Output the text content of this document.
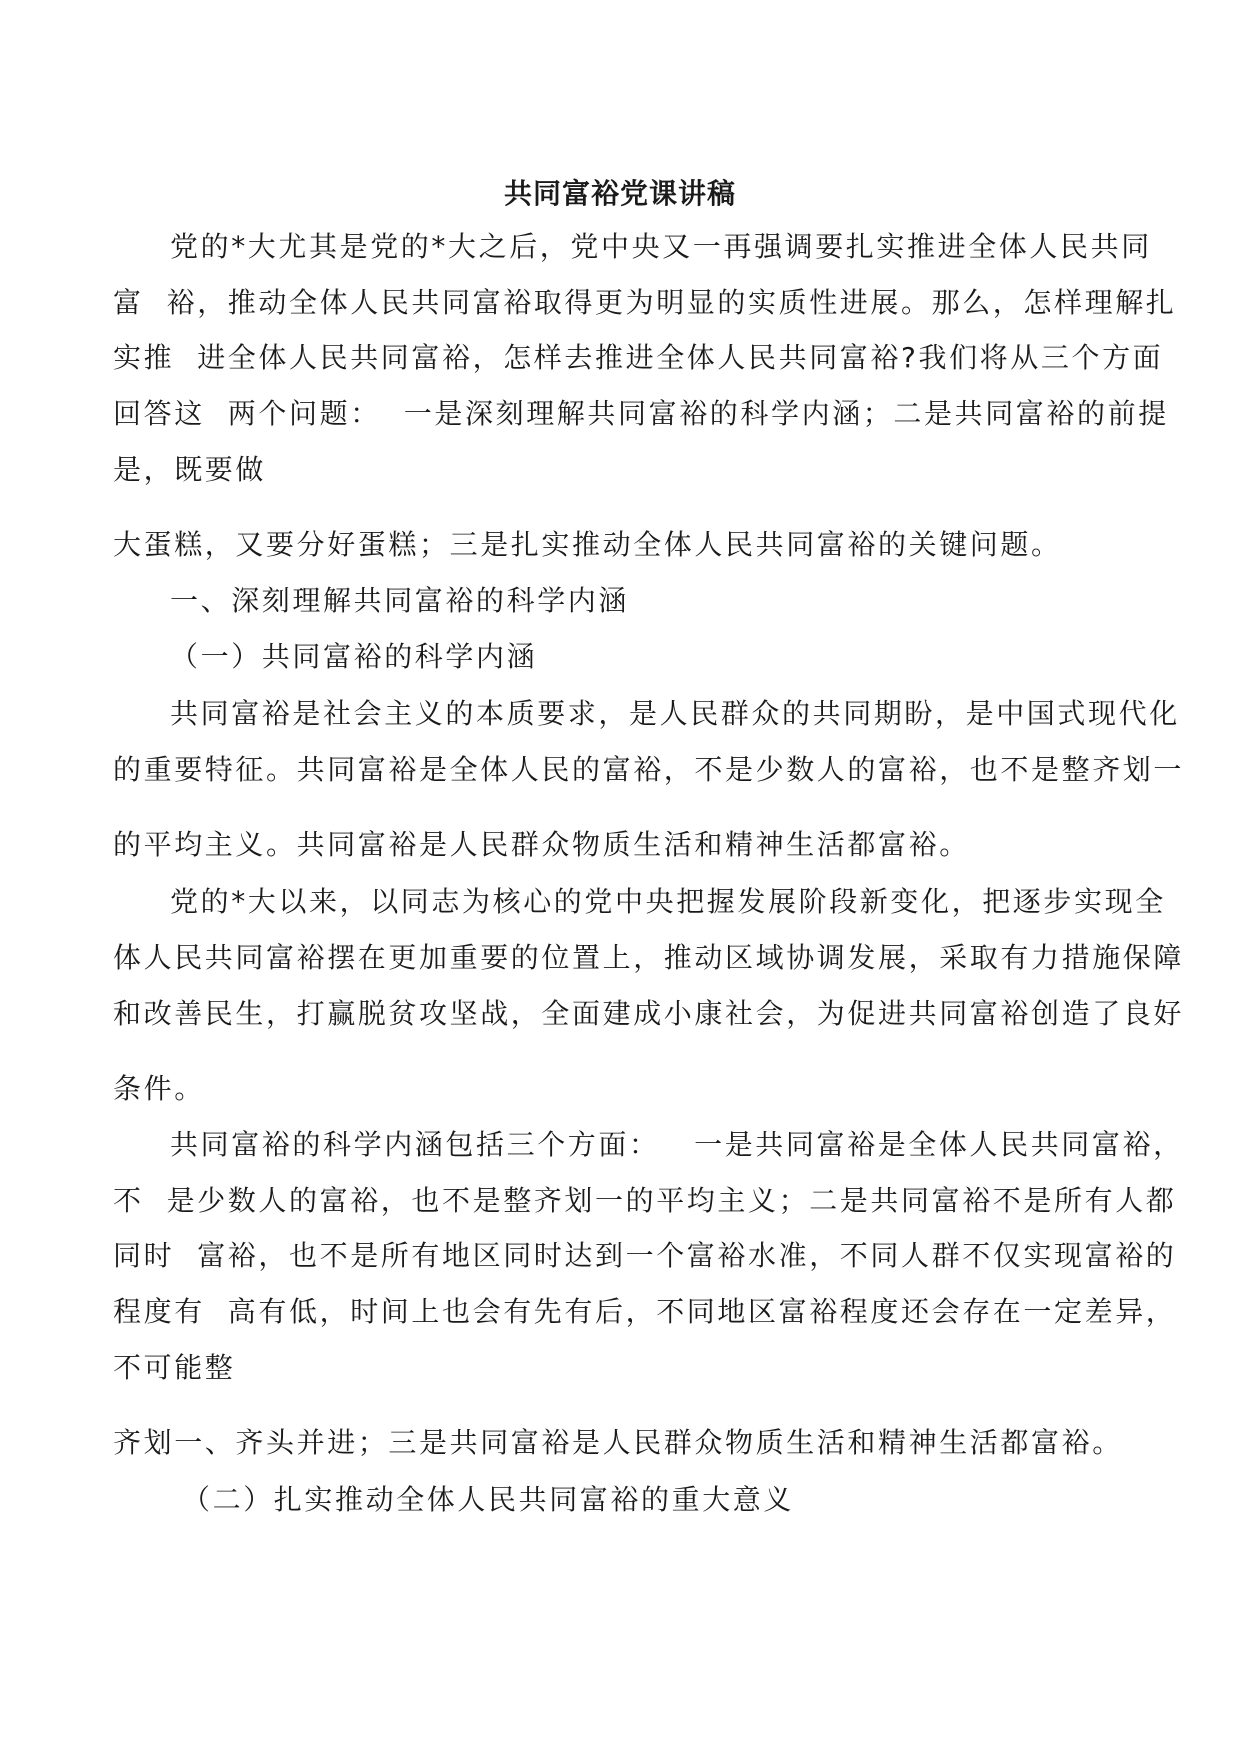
共同富裕党课讲稿
党的*大尤其是党的*大之后，党中央又一再强调要扎实推进全体人民共同
富  裕，推动全体人民共同富裕取得更为明显的实质性进展。那么，怎样理解扎
实推  进全体人民共同富裕，怎样去推进全体人民共同富裕?我们将从三个方面
回答这  两个问题：  一是深刻理解共同富裕的科学内涵；二是共同富裕的前提
是，既要做
大蛋糕，又要分好蛋糕；三是扎实推动全体人民共同富裕的关键问题。
一、深刻理解共同富裕的科学内涵
（一）共同富裕的科学内涵
共同富裕是社会主义的本质要求，是人民群众的共同期盼，是中国式现代化
的重要特征。共同富裕是全体人民的富裕，不是少数人的富裕，也不是整齐划一
的平均主义。共同富裕是人民群众物质生活和精神生活都富裕。
党的*大以来，以同志为核心的党中央把握发展阶段新变化，把逐步实现全
体人民共同富裕摆在更加重要的位置上，推动区域协调发展，采取有力措施保障
和改善民生，打赢脱贫攻坚战，全面建成小康社会，为促进共同富裕创造了良好
条件。
共同富裕的科学内涵包括三个方面：   一是共同富裕是全体人民共同富裕，
不  是少数人的富裕，也不是整齐划一的平均主义；二是共同富裕不是所有人都
同时  富裕，也不是所有地区同时达到一个富裕水准，不同人群不仅实现富裕的
程度有  高有低，时间上也会有先有后，不同地区富裕程度还会存在一定差异，
不可能整
齐划一、齐头并进；三是共同富裕是人民群众物质生活和精神生活都富裕。
（二）扎实推动全体人民共同富裕的重大意义
